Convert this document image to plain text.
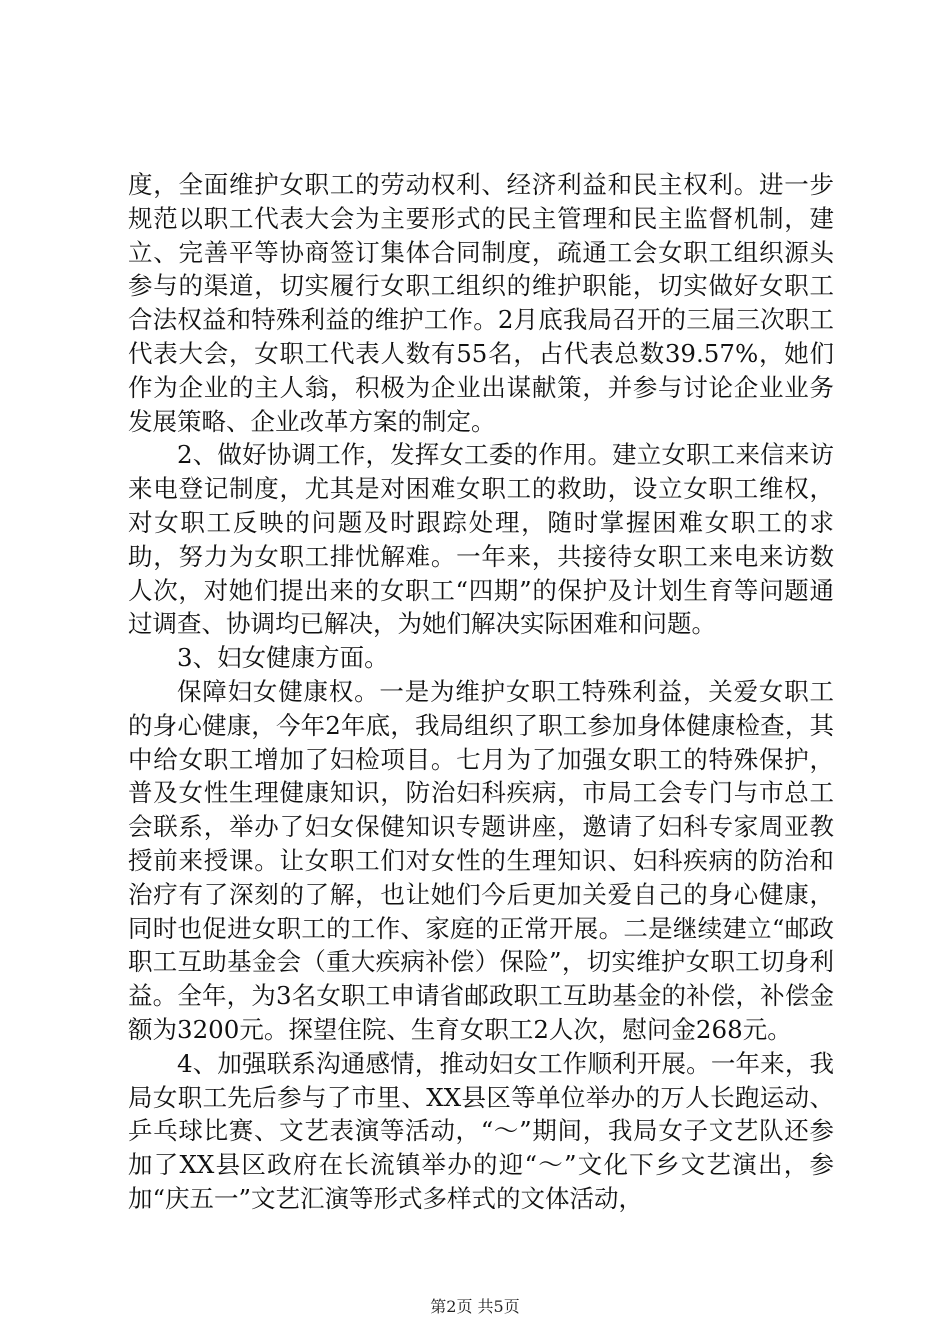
度，全面维护女职工的劳动权利、经济利益和民主权利。进一步规范以职工代表大会为主要形式的民主管理和民主监督机制，建立、完善平等协商签订集体合同制度，疏通工会女职工组织源头参与的渠道，切实履行女职工组织的维护职能，切实做好女职工合法权益和特殊利益的维护工作。2月底我局召开的三届三次职工代表大会，女职工代表人数有55名，占代表总数39.57%，她们作为企业的主人翁，积极为企业出谋献策，并参与讨论企业业务发展策略、企业改革方案的制定。

2、做好协调工作，发挥女工委的作用。建立女职工来信来访来电登记制度，尤其是对困难女职工的救助，设立女职工维权，对女职工反映的问题及时跟踪处理，随时掌握困难女职工的求助，努力为女职工排忧解难。一年来，共接待女职工来电来访数人次，对她们提出来的女职工“四期”的保护及计划生育等问题通过调查、协调均已解决，为她们解决实际困难和问题。

3、妇女健康方面。

保障妇女健康权。一是为维护女职工特殊利益，关爱女职工的身心健康，今年2年底，我局组织了职工参加身体健康检查，其中给女职工增加了妇检项目。七月为了加强女职工的特殊保护，普及女性生理健康知识，防治妇科疾病，市局工会专门与市总工会联系，举办了妇女保健知识专题讲座，邀请了妇科专家周亚教授前来授课。让女职工们对女性的生理知识、妇科疾病的防治和治疗有了深刻的了解，也让她们今后更加关爱自己的身心健康，同时也促进女职工的工作、家庭的正常开展。二是继续建立“邮政职工互助基金会（重大疾病补偿）保险”，切实维护女职工切身利益。全年，为3名女职工申请省邮政职工互助基金的补偿，补偿金额为3200元。探望住院、生育女职工2人次，慰问金268元。

4、加强联系沟通感情，推动妇女工作顺利开展。一年来，我局女职工先后参与了市里、XX县区等单位举办的万人长跑运动、乒乓球比赛、文艺表演等活动，“～”期间，我局女子文艺队还参加了XX县区政府在长流镇举办的迎“～”文化下乡文艺演出，参加“庆五一”文艺汇演等形式多样式的文体活动，

第2页 共5页
